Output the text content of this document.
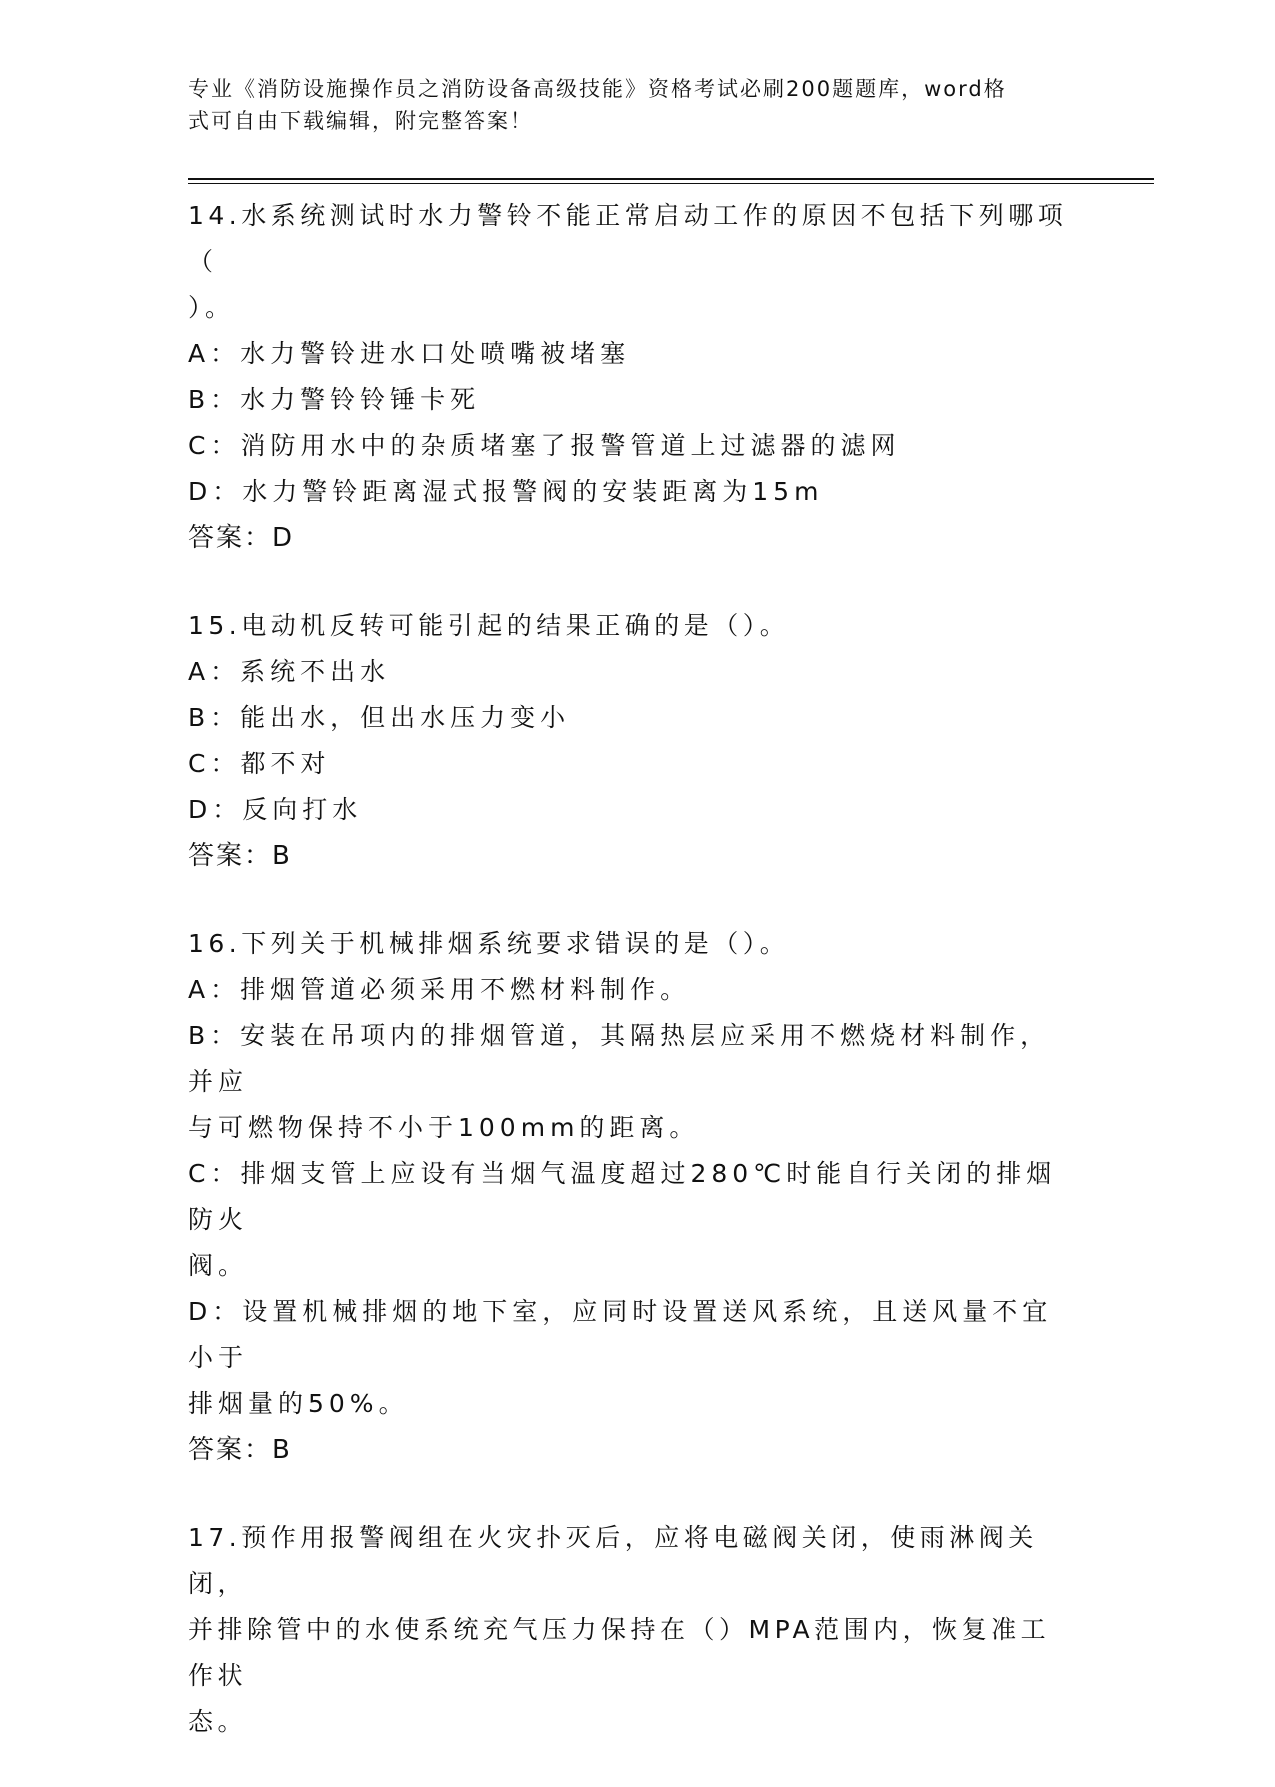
专业《消防设施操作员之消防设备高级技能》资格考试必刷200题题库，word格
式可自由下载编辑，附完整答案！

14.水系统测试时水力警铃不能正常启动工作的原因不包括下列哪项（
）。

A：水力警铃进水口处喷嘴被堵塞

B：水力警铃铃锤卡死

C：消防用水中的杂质堵塞了报警管道上过滤器的滤网

D：水力警铃距离湿式报警阀的安装距离为15m

答案：D

15.电动机反转可能引起的结果正确的是（）。

A：系统不出水

B：能出水，但出水压力变小

C：都不对

D：反向打水

答案：B

16.下列关于机械排烟系统要求错误的是（）。

A：排烟管道必须采用不燃材料制作。

B：安装在吊项内的排烟管道，其隔热层应采用不燃烧材料制作，并应
与可燃物保持不小于100mm的距离。

C：排烟支管上应设有当烟气温度超过280℃时能自行关闭的排烟防火
阀。

D：设置机械排烟的地下室，应同时设置送风系统，且送风量不宜小于
排烟量的50%。

答案：B

17.预作用报警阀组在火灾扑灭后，应将电磁阀关闭，使雨淋阀关闭，
并排除管中的水使系统充气压力保持在（）MPA范围内，恢复准工作状
态。
